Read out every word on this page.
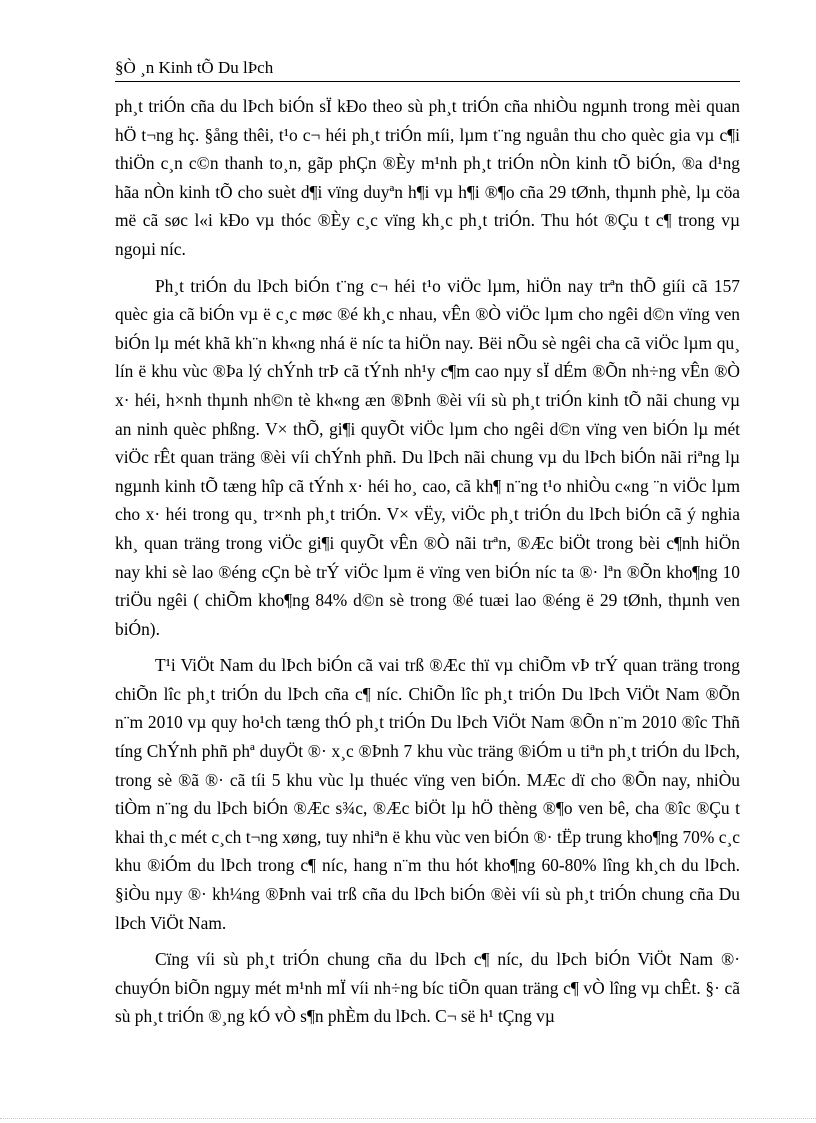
§Ò ¸n Kinh tÕ Du lÞch

ph¸t triÓn cña du lÞch biÓn sÏ kÐo theo sù ph¸t triÓn cña nhiÒu ngµnh trong mèi quan hÖ t¬ng hç. §ång thêi, t¹o c¬ héi ph¸t triÓn míi, lµm t¨ng nguån thu cho quèc gia vµ c¶i thiÖn c¸n c©n thanh to¸n, gãp phÇn ®Èy m¹nh ph¸t triÓn nÒn kinh tÕ biÓn, ®a d¹ng hãa nÒn kinh tÕ cho suèt d¶i vïng duyªn h¶i vµ h¶i ®¶o cña 29 tØnh, thµnh phè, lµ cöa më cã søc l«i kÐo vµ thóc ®Èy c¸c vïng kh¸c ph¸t triÓn. Thu hót ®Çu t c¶ trong vµ ngoµi níc.

Ph¸t triÓn du lÞch biÓn t¨ng c¬ héi t¹o viÖc lµm, hiÖn nay trªn thÕ giíi cã 157 quèc gia cã biÓn vµ ë c¸c møc ®é kh¸c nhau, vÊn ®Ò viÖc lµm cho ngêi d©n vïng ven biÓn lµ mét khã kh¨n kh«ng nhá ë níc ta hiÖn nay. Bëi nÕu sè ngêi cha cã viÖc lµm qu¸ lín ë khu vùc ®Þa lý chÝnh trÞ cã tÝnh nh¹y c¶m cao nµy sÏ dÉm ®Õn nh÷ng vÊn ®Ò x· héi, h×nh thµnh nh©n tè kh«ng æn ®Þnh ®èi víi sù ph¸t triÓn kinh tÕ nãi chung vµ an ninh quèc phßng. V× thÕ, gi¶i quyÕt viÖc lµm cho ngêi d©n vïng ven biÓn lµ mét viÖc rÊt quan träng ®èi víi chÝnh phñ. Du lÞch nãi chung vµ du lÞch biÓn nãi riªng lµ ngµnh kinh tÕ tæng hîp cã tÝnh x· héi ho¸ cao, cã kh¶ n¨ng t¹o nhiÒu c«ng ¨n viÖc lµm cho x· héi trong qu¸ tr×nh ph¸t triÓn. V× vËy, viÖc ph¸t triÓn du lÞch biÓn cã ý nghia kh¸ quan träng trong viÖc gi¶i quyÕt vÊn ®Ò nãi trªn, ®Æc biÖt trong bèi c¶nh hiÖn nay khi sè lao ®éng cÇn bè trÝ viÖc lµm ë vïng ven biÓn níc ta ®· lªn ®Õn kho¶ng 10 triÖu ngêi ( chiÕm kho¶ng 84% d©n sè trong ®é tuæi lao ®éng ë 29 tØnh, thµnh ven biÓn).

T¹i ViÖt Nam du lÞch biÓn cã vai trß ®Æc thï vµ chiÕm vÞ trÝ quan träng trong chiÕn lîc ph¸t triÓn du lÞch cña c¶ níc. ChiÕn lîc ph¸t triÓn Du lÞch ViÖt Nam ®Õn n¨m 2010 vµ quy ho¹ch tæng thÓ ph¸t triÓn Du lÞch ViÖt Nam ®Õn n¨m 2010 ®îc Thñ tíng ChÝnh phñ phª duyÖt ®· x¸c ®Þnh 7 khu vùc träng ®iÓm u tiªn ph¸t triÓn du lÞch, trong sè ®ã ®· cã tíi 5 khu vùc lµ thuéc vïng ven biÓn. MÆc dï cho ®Õn nay, nhiÒu tiÒm n¨ng du lÞch biÓn ®Æc s¾c, ®Æc biÖt lµ hÖ thèng ®¶o ven bê, cha ®îc ®Çu t khai th¸c mét c¸ch t¬ng xøng, tuy nhiªn ë khu vùc ven biÓn ®· tËp trung kho¶ng 70% c¸c khu ®iÓm du lÞch trong c¶ níc, hang n¨m thu hót kho¶ng 60-80% lîng kh¸ch du lÞch. §iÒu nµy ®· kh¼ng ®Þnh vai trß cña du lÞch biÓn ®èi víi sù ph¸t triÓn chung cña Du lÞch ViÖt Nam.

Cïng víi sù ph¸t triÓn chung cña du lÞch c¶ níc, du lÞch biÓn ViÖt Nam ®· chuyÓn biÕn ngµy mét m¹nh mÏ víi nh÷ng bíc tiÕn quan träng c¶ vÒ lîng vµ chÊt. §· cã sù ph¸t triÓn ®¸ng kÓ vÒ s¶n phÈm du lÞch. C¬ së h¹ tÇng vµ
